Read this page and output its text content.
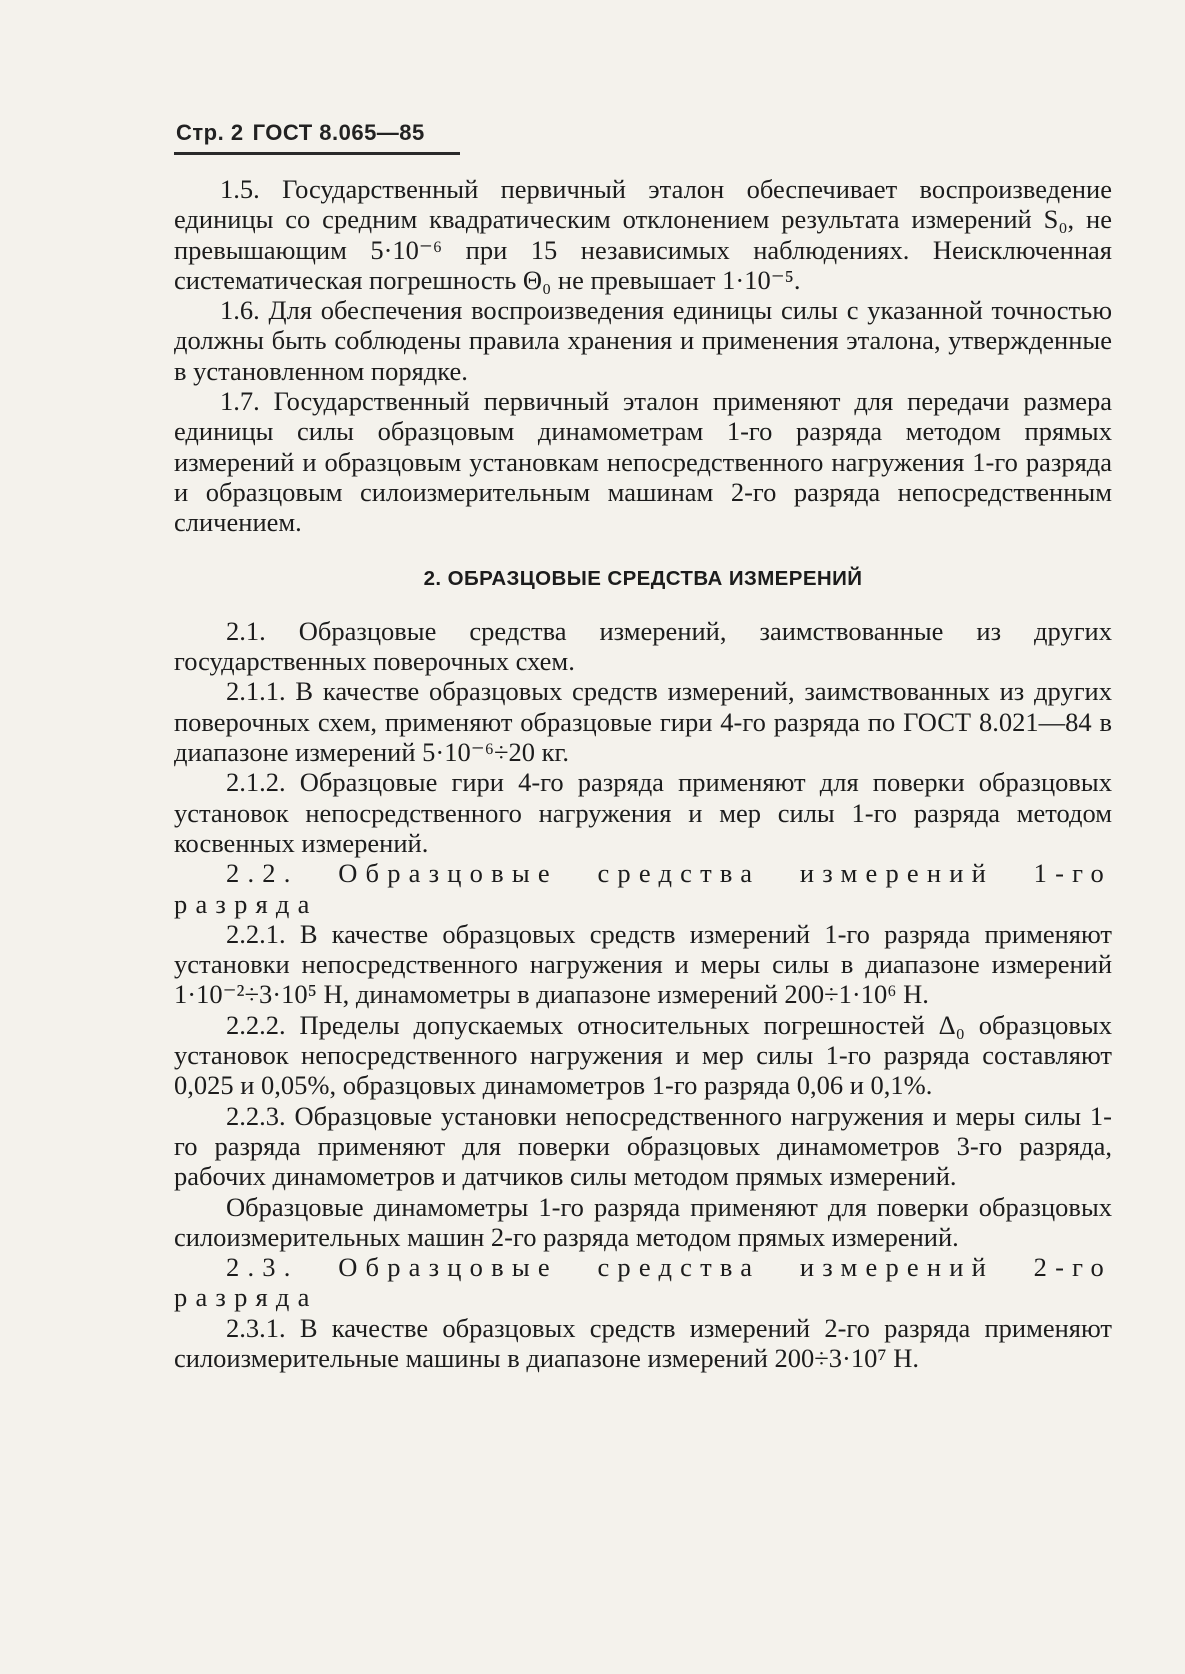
Стр. 2 ГОСТ 8.065—85

1.5. Государственный первичный эталон обеспечивает воспроизведение единицы со средним квадратическим отклонением результата измерений S₀, не превышающим 5·10⁻⁶ при 15 независимых наблюдениях. Неисключенная систематическая погрешность Θ₀ не превышает 1·10⁻⁵.

1.6. Для обеспечения воспроизведения единицы силы с указанной точностью должны быть соблюдены правила хранения и применения эталона, утвержденные в установленном порядке.

1.7. Государственный первичный эталон применяют для передачи размера единицы силы образцовым динамометрам 1-го разряда методом прямых измерений и образцовым установкам непосредственного нагружения 1-го разряда и образцовым силоизмерительным машинам 2-го разряда непосредственным сличением.

2. ОБРАЗЦОВЫЕ СРЕДСТВА ИЗМЕРЕНИЙ

2.1. Образцовые средства измерений, заимствованные из других государственных поверочных схем.

2.1.1. В качестве образцовых средств измерений, заимствованных из других поверочных схем, применяют образцовые гири 4-го разряда по ГОСТ 8.021—84 в диапазоне измерений 5·10⁻⁶÷20 кг.

2.1.2. Образцовые гири 4-го разряда применяют для поверки образцовых установок непосредственного нагружения и мер силы 1-го разряда методом косвенных измерений.

2.2. Образцовые средства измерений 1-го разряда

2.2.1. В качестве образцовых средств измерений 1-го разряда применяют установки непосредственного нагружения и меры силы в диапазоне измерений 1·10⁻²÷3·10⁵ Н, динамометры в диапазоне измерений 200÷1·10⁶ Н.

2.2.2. Пределы допускаемых относительных погрешностей Δ₀ образцовых установок непосредственного нагружения и мер силы 1-го разряда составляют 0,025 и 0,05%, образцовых динамометров 1-го разряда 0,06 и 0,1%.

2.2.3. Образцовые установки непосредственного нагружения и меры силы 1-го разряда применяют для поверки образцовых динамометров 3-го разряда, рабочих динамометров и датчиков силы методом прямых измерений.

Образцовые динамометры 1-го разряда применяют для поверки образцовых силоизмерительных машин 2-го разряда методом прямых измерений.

2.3. Образцовые средства измерений 2-го разряда

2.3.1. В качестве образцовых средств измерений 2-го разряда применяют силоизмерительные машины в диапазоне измерений 200÷3·10⁷ Н.
